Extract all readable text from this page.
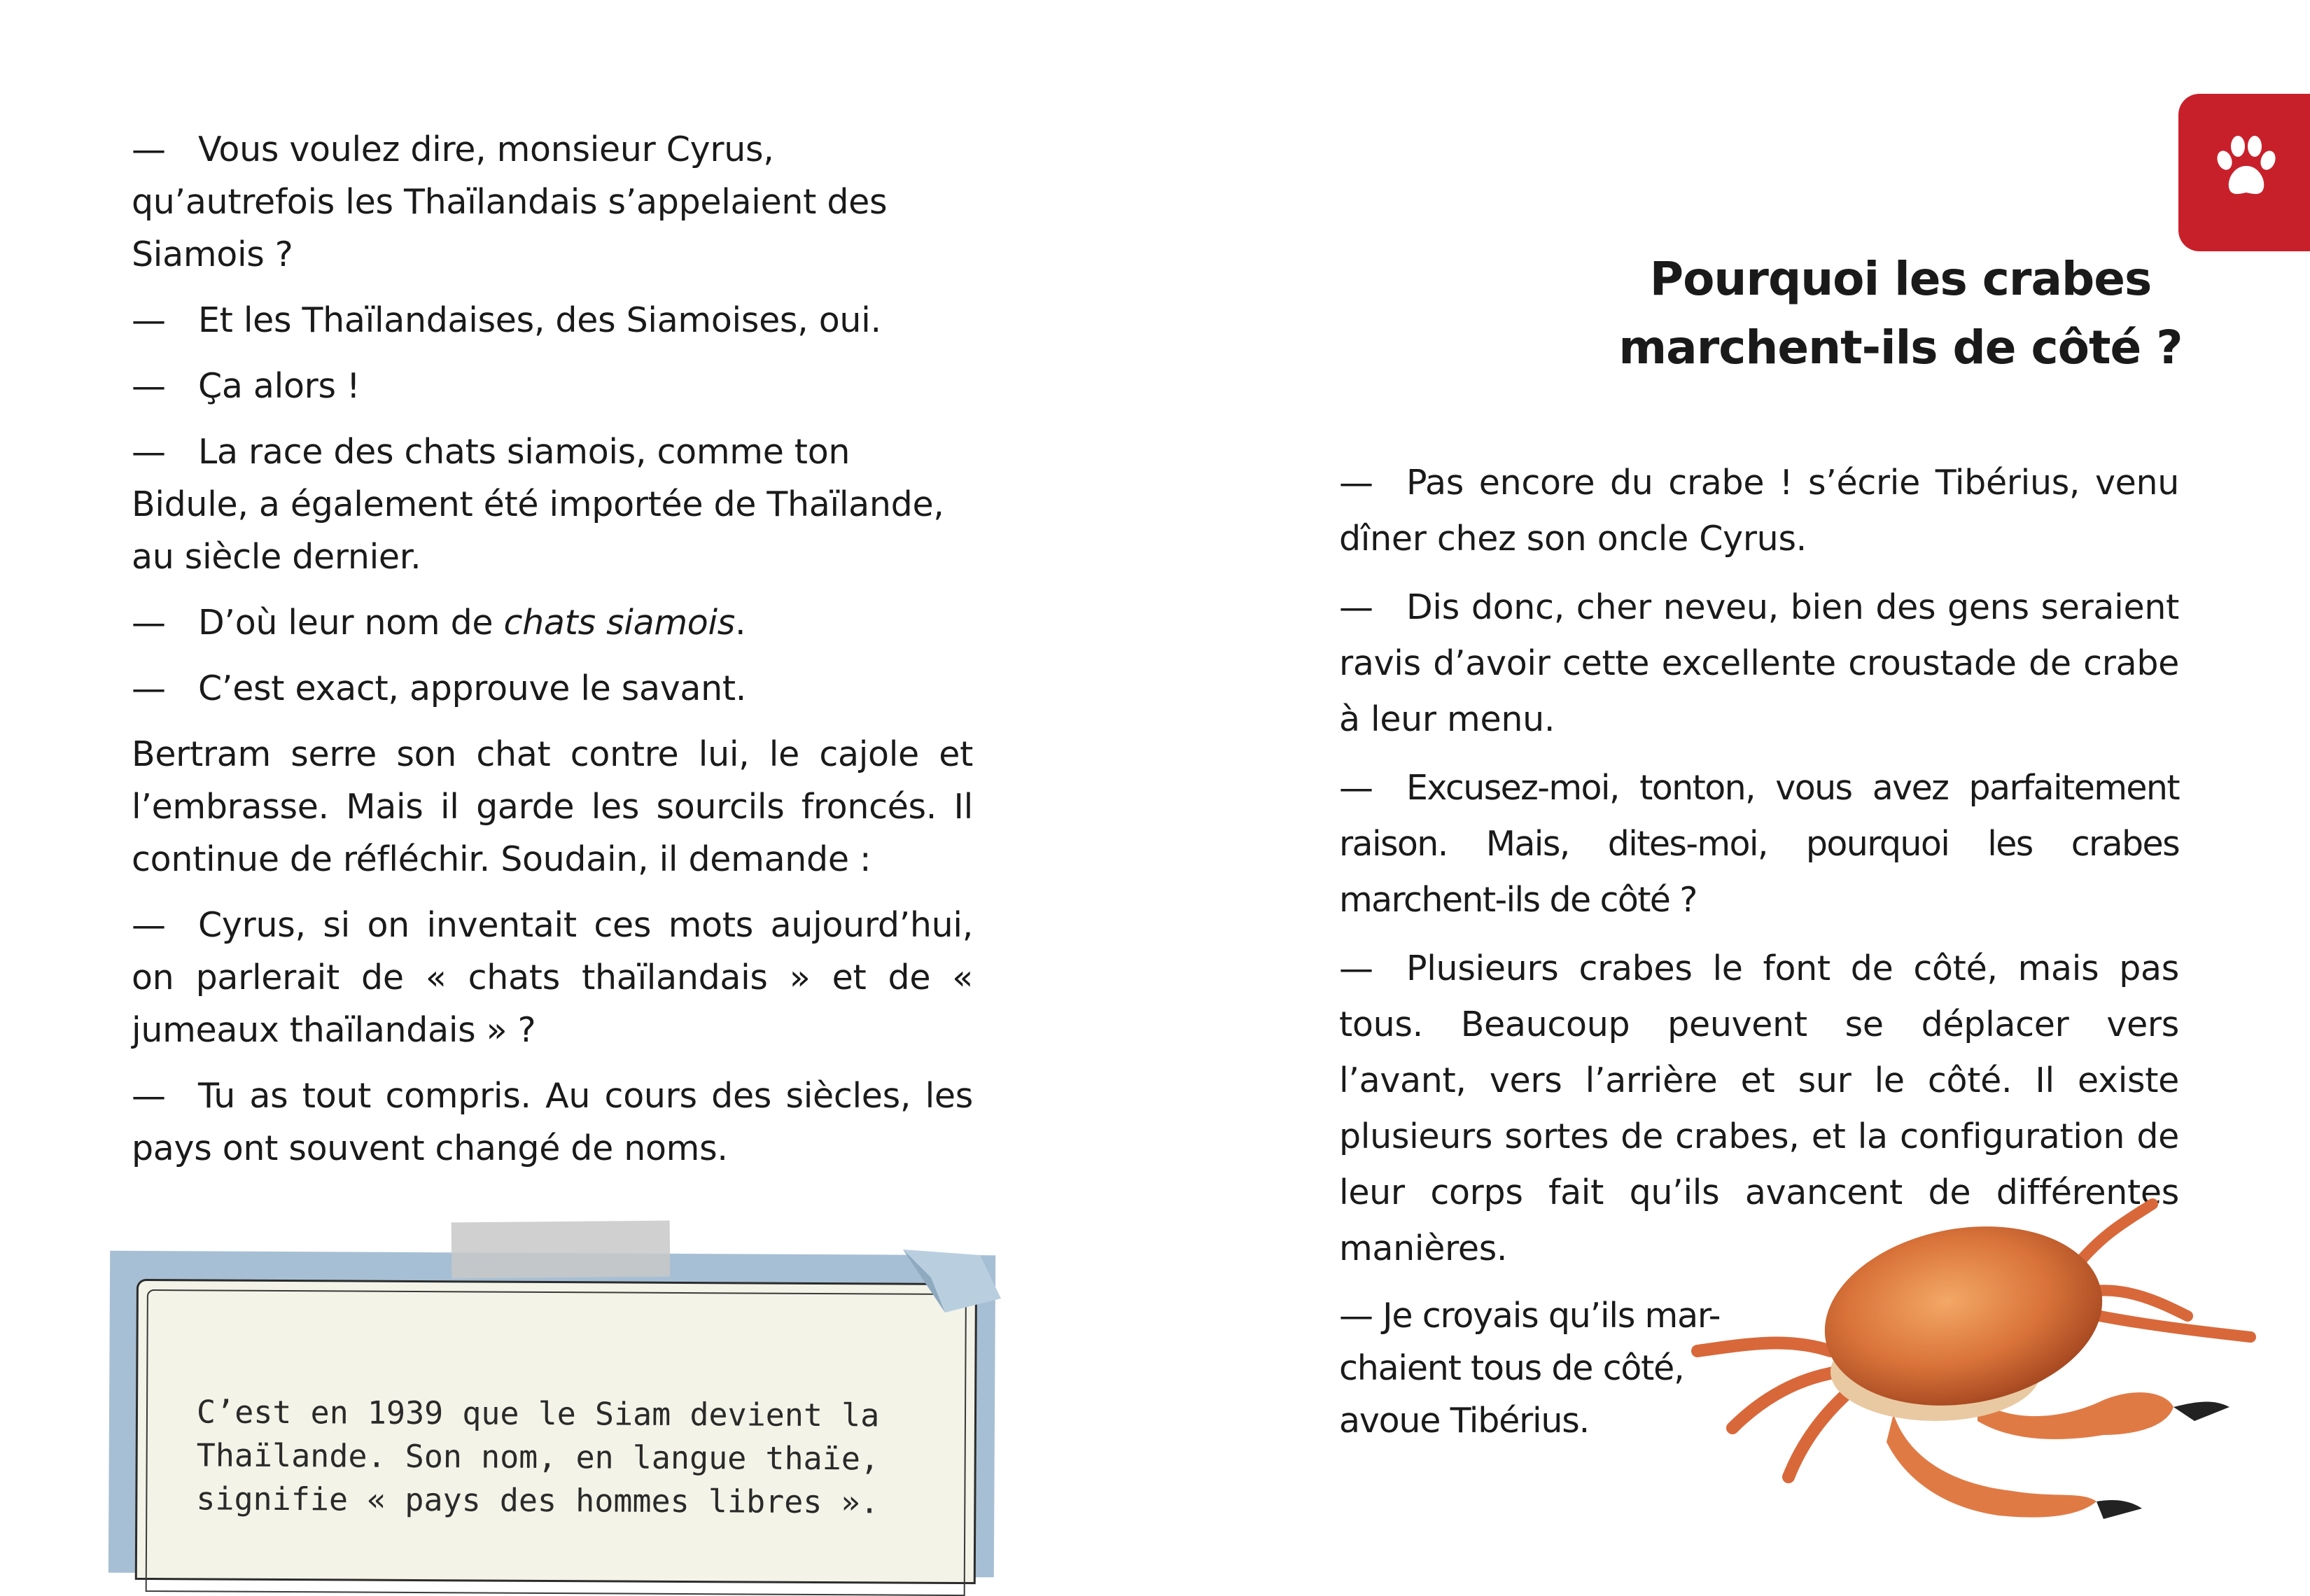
— Vous voulez dire, monsieur Cyrus, qu’autrefois les Thaïlandais s’appelaient des Siamois ?

— Et les Thaïlandaises, des Siamoises, oui.

— Ça alors !

— La race des chats siamois, comme ton Bidule, a également été importée de Thaïlande, au siècle dernier.

— D’où leur nom de chats siamois.

— C’est exact, approuve le savant.

Bertram serre son chat contre lui, le cajole et l’embrasse. Mais il garde les sourcils froncés. Il continue de réfléchir. Soudain, il demande :

— Cyrus, si on inventait ces mots aujourd’hui, on parlerait de « chats thaïlandais » et de « jumeaux thaïlandais » ?

— Tu as tout compris. Au cours des siècles, les pays ont souvent changé de noms.

C’est en 1939 que le Siam devient la
Thaïlande. Son nom, en langue thaïe,
signifie « pays des hommes libres ».
Pourquoi les crabes
marchent-ils de côté ?

— Pas encore du crabe ! s’écrie Tibérius, venu dîner chez son oncle Cyrus.

— Dis donc, cher neveu, bien des gens seraient ravis d’avoir cette excellente croustade de crabe à leur menu.

— Excusez-moi, tonton, vous avez parfaitement raison. Mais, dites-moi, pourquoi les crabes marchent-ils de côté ?

— Plusieurs crabes le font de côté, mais pas tous. Beaucoup peuvent se déplacer vers l’avant, vers l’arrière et sur le côté. Il existe plusieurs sortes de crabes, et la configuration de leur corps fait qu’ils avancent de différentes manières.

— Je croyais qu’ils mar-
chaient tous de côté,
avoue Tibérius.
